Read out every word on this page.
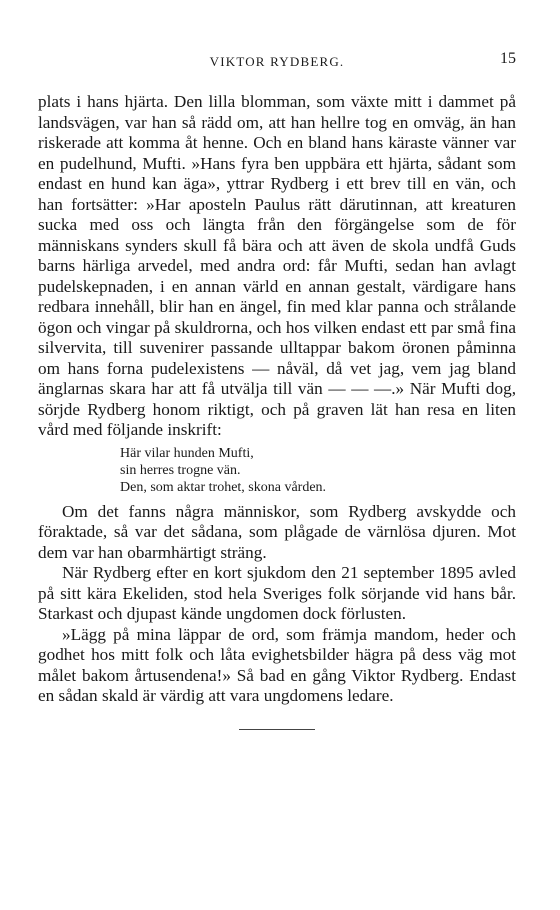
VIKTOR RYDBERG.	15

plats i hans hjärta. Den lilla blomman, som växte mitt i dammet på landsvägen, var han så rädd om, att han hellre tog en omväg, än han riskerade att komma åt henne. Och en bland hans käraste vänner var en pudelhund, Mufti. »Hans fyra ben uppbära ett hjärta, sådant som endast en hund kan äga», yttrar Rydberg i ett brev till en vän, och han fortsätter: »Har aposteln Paulus rätt därutinnan, att kreaturen sucka med oss och längta från den förgängelse som de för människans synders skull få bära och att även de skola undfå Guds barns härliga arvedel, med andra ord: får Mufti, sedan han avlagt pudelskepnaden, i en annan värld en annan gestalt, värdigare hans redbara innehåll, blir han en ängel, fin med klar panna och strålande ögon och vingar på skuldrorna, och hos vilken endast ett par små fina silvervita, till suvenirer passande ulltappar bakom öronen påminna om hans forna pudelexistens — nåväl, då vet jag, vem jag bland änglarnas skara har att få utvälja till vän — — —.» När Mufti dog, sörjde Rydberg honom riktigt, och på graven lät han resa en liten vård med följande inskrift:

Här vilar hunden Mufti,
sin herres trogne vän.
Den, som aktar trohet, skona vården.

Om det fanns några människor, som Rydberg avskydde och föraktade, så var det sådana, som plågade de värnlösa djuren. Mot dem var han obarmhärtigt sträng.

När Rydberg efter en kort sjukdom den 21 september 1895 avled på sitt kära Ekeliden, stod hela Sveriges folk sörjande vid hans bår. Starkast och djupast kände ungdomen dock förlusten.

»Lägg på mina läppar de ord, som främja mandom, heder och godhet hos mitt folk och låta evighetsbilder hägra på dess väg mot målet bakom årtusendena!» Så bad en gång Viktor Rydberg. Endast en sådan skald är värdig att vara ungdomens ledare.
